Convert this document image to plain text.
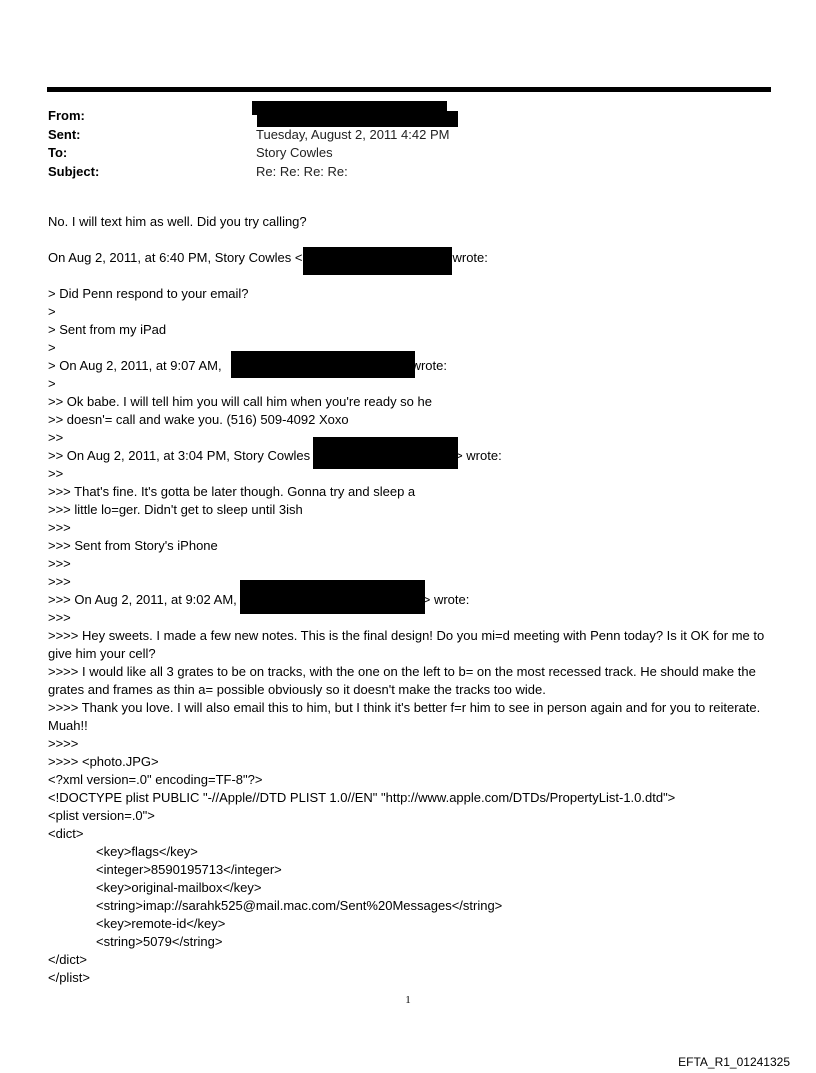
From:
Sent:	Tuesday, August 2, 2011 4:42 PM
To:	Story Cowles
Subject:	Re: Re: Re: Re:
No. I will text him as well. Did you try calling?
On Aug 2, 2011, at 6:40 PM, Story Cowles <	wrote:
> Did Penn respond to your email?
>
> Sent from my iPad
>
> On Aug 2, 2011, at 9:07 AM,	wrote:
>
>> Ok babe. I will tell him you will call him when you're ready so he
>> doesn'= call and wake you. (516) 509-4092 Xoxo
>>
>> On Aug 2, 2011, at 3:04 PM, Story Cowles	> wrote:
>>
>>> That's fine. It's gotta be later though. Gonna try and sleep a
>>> little lo=ger. Didn't get to sleep until 3ish
>>>
>>> Sent from Story's iPhone
>>>
>>>
>>> On Aug 2, 2011, at 9:02 AM,	> wrote:
>>>
>>>> Hey sweets. I made a few new notes. This is the final design! Do you mi=d meeting with Penn today? Is it OK for me to give him your cell?
>>>> I would like all 3 grates to be on tracks, with the one on the left to b= on the most recessed track. He should make the grates and frames as thin a= possible obviously so it doesn't make the tracks too wide.
>>>> Thank you love. I will also email this to him, but I think it's better f=r him to see in person again and for you to reiterate. Muah!!
>>>>
>>>> <photo.JPG>
<?xml version=.0" encoding=TF-8"?>
<!DOCTYPE plist PUBLIC "-//Apple//DTD PLIST 1.0//EN" "http://www.apple.com/DTDs/PropertyList-1.0.dtd">
<plist version=.0">
<dict>
<key>flags</key>
<integer>8590195713</integer>
<key>original-mailbox</key>
<string>imap://sarahk525@mail.mac.com/Sent%20Messages</string>
<key>remote-id</key>
<string>5079</string>
</dict>
</plist>
1
EFTA_R1_01241325
